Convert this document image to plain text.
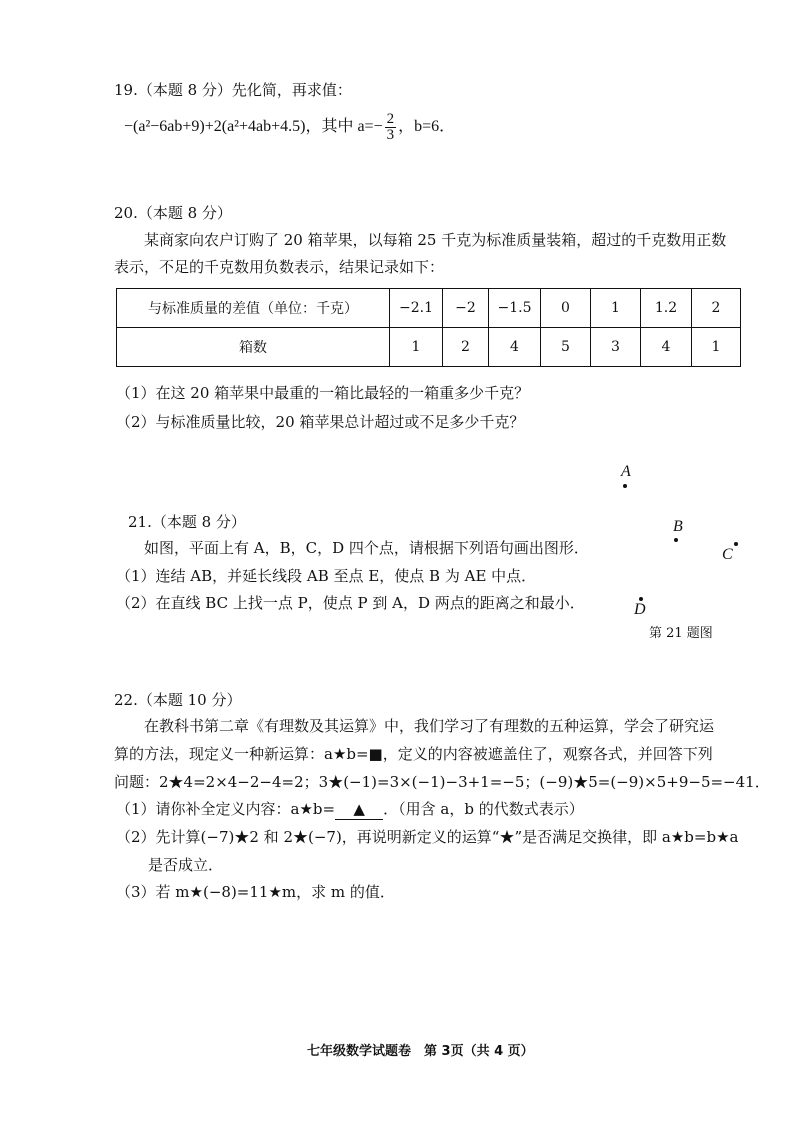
19.（本题 8 分）先化简，再求值：
−(a²−6ab+9)+2(a²+4ab+4.5)，其中 $a=- \frac{2}{3}$ ，b=6．
20.（本题 8 分）
某商家向农户订购了 20 箱苹果，以每箱 25 千克为标准质量装箱，超过的千克数用正数
表示，不足的千克数用负数表示，结果记录如下：
与标准质量的差值（单位：千克）	−2.1	−2	−1.5	0	1	1.2	2
箱数	1	2	4	5	3	4	1
（1）在这 20 箱苹果中最重的一箱比最轻的一箱重多少千克？
（2）与标准质量比较，20 箱苹果总计超过或不足多少千克？
21.（本题 8 分）
如图，平面上有 A，B，C，D 四个点，请根据下列语句画出图形．
（1）连结 AB，并延长线段 AB 至点 E，使点 B 为 AE 中点．
（2）在直线 BC 上找一点 P，使点 P 到 A，D 两点的距离之和最小．
A
B
C
D
第 21 题图
22.（本题 10 分）
在教科书第二章《有理数及其运算》中，我们学习了有理数的五种运算，学会了研究运
算的方法，现定义一种新运算：a★b=■，定义的内容被遮盖住了，观察各式，并回答下列
问题：2★4=2×4−2−4=2；3★(−1)=3×(−1)−3+1=−5；(−9)★5=(−9)×5+9−5=−41．
（1）请你补全定义内容：a★b= ▲ ．（用含 a，b 的代数式表示）
（2）先计算(−7)★2 和 2★(−7)，再说明新定义的运算“★”是否满足交换律，即 a★b=b★a
是否成立．
（3）若 m★(−8)=11★m，求 m 的值．
七年级数学试题卷　第 3页（共 4 页）
